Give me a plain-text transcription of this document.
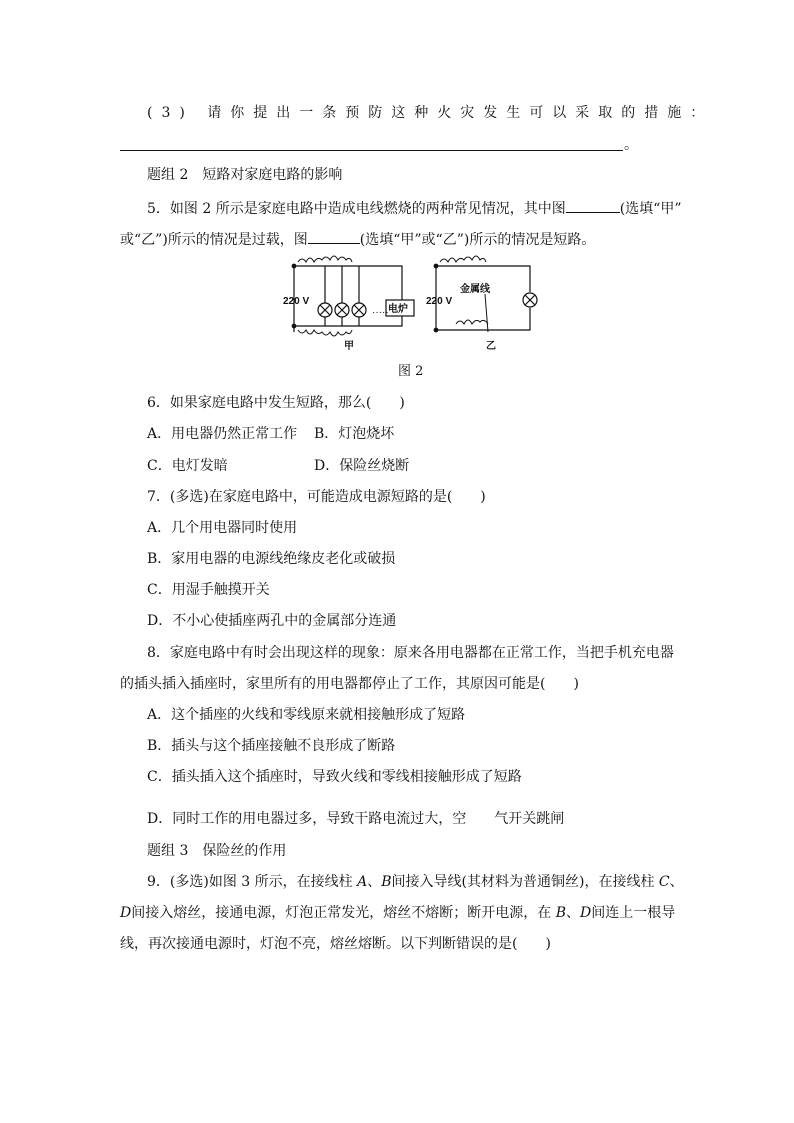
(3) 请你提出一条预防这种火灾发生可以采取的措施：
。
题组 2　短路对家庭电路的影响
5．如图 2 所示是家庭电路中造成电线燃烧的两种常见情况，其中图	(选填“甲”
或“乙”)所示的情况是过载，图	(选填“甲”或“乙”)所示的情况是短路。
·····
220 V
电炉
甲
220 V
金属线
乙
图 2
6．如果家庭电路中发生短路，那么(　　)
A．用电器仍然正常工作 B．灯泡烧坏
C．电灯发暗	D．保险丝烧断
7．(多选)在家庭电路中，可能造成电源短路的是(　　)
A．几个用电器同时使用
B．家用电器的电源线绝缘皮老化或破损
C．用湿手触摸开关
D．不小心使插座两孔中的金属部分连通
8．家庭电路中有时会出现这样的现象：原来各用电器都在正常工作，当把手机充电器
的插头插入插座时，家里所有的用电器都停止了工作，其原因可能是(　　)
A．这个插座的火线和零线原来就相接触形成了短路
B．插头与这个插座接触不良形成了断路
C．插头插入这个插座时，导致火线和零线相接触形成了短路
D．同时工作的用电器过多，导致干路电流过大，空　　气开关跳闸
题组 3　保险丝的作用
9．(多选)如图 3 所示，在接线柱 A、B间接入导线(其材料为普通铜丝)，在接线柱 C、
D间接入熔丝，接通电源，灯泡正常发光，熔丝不熔断；断开电源，在 B、D间连上一根导
线，再次接通电源时，灯泡不亮，熔丝熔断。以下判断错误的是(　　)
